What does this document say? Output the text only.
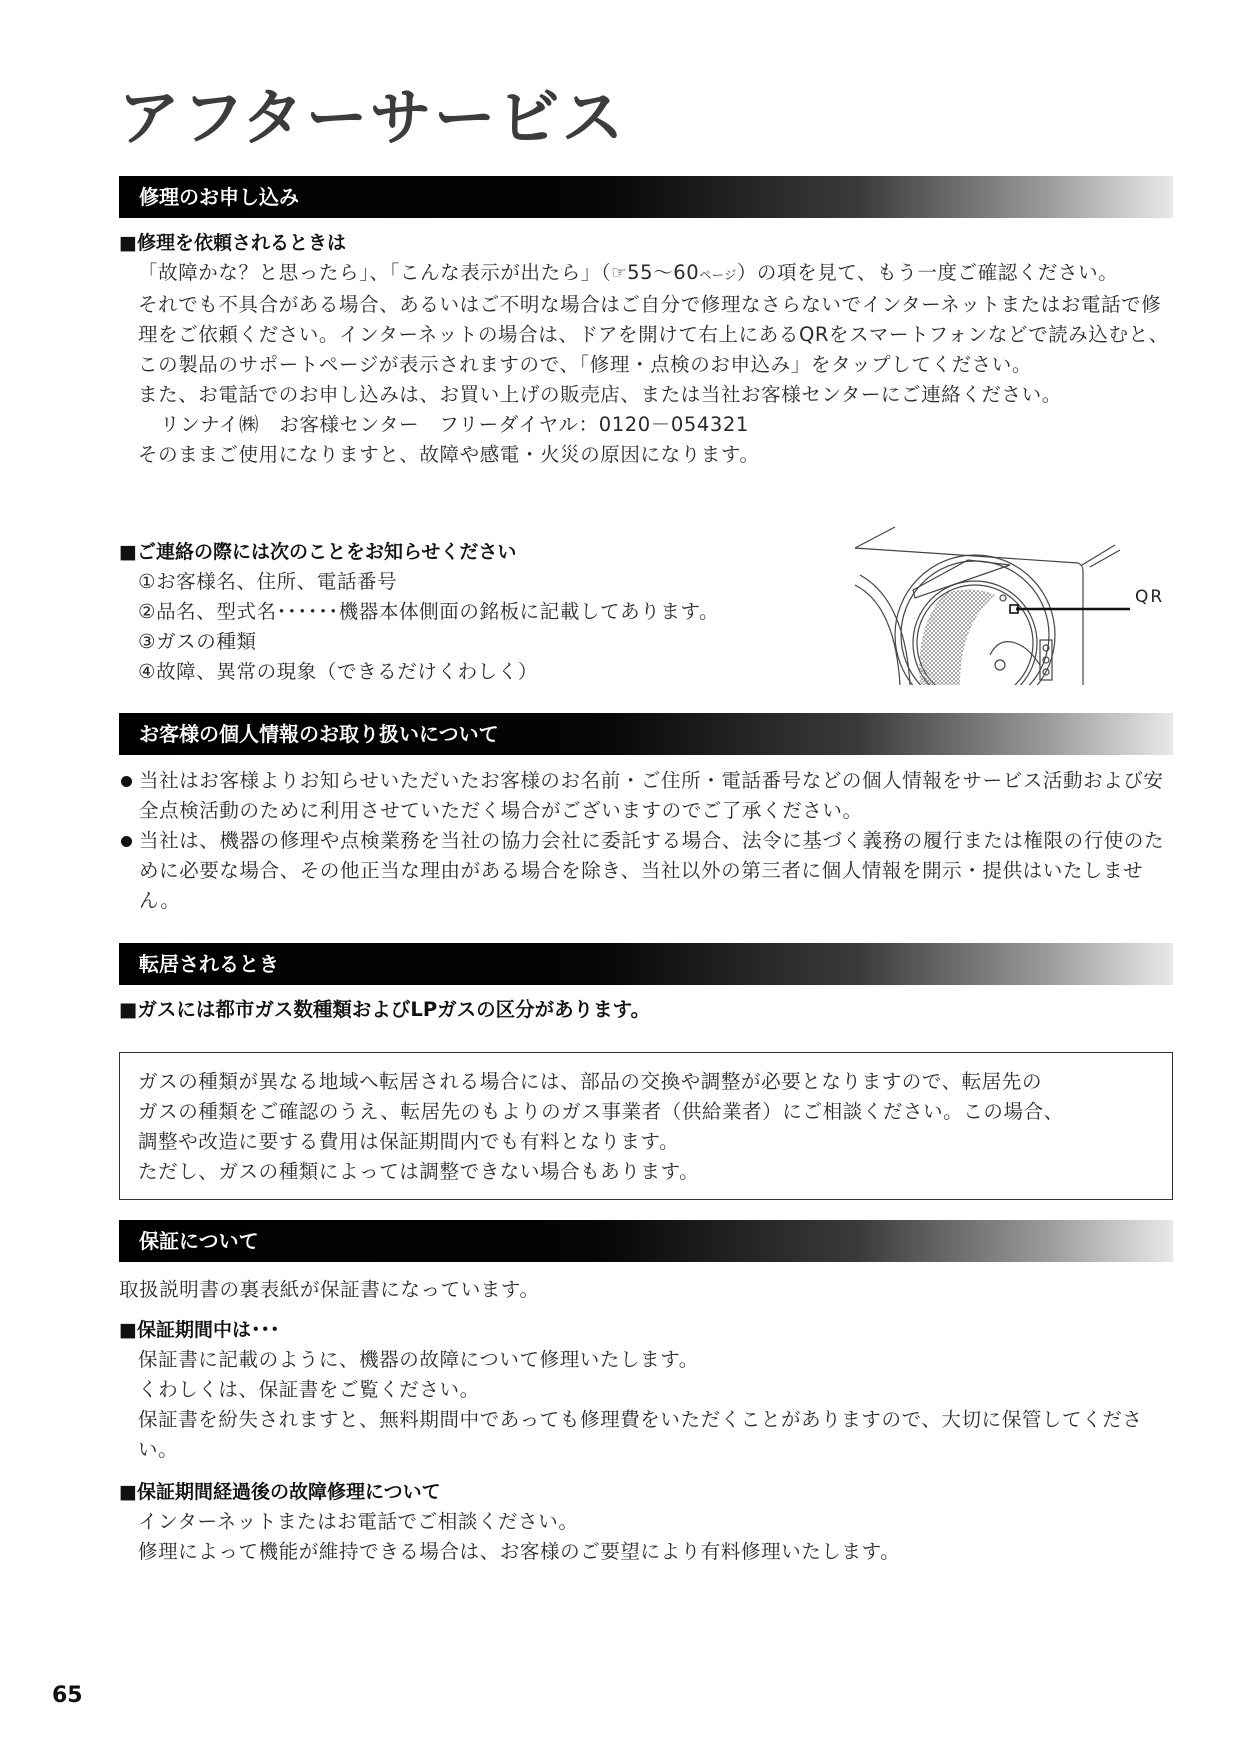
アフターサービス
修理のお申し込み
■修理を依頼されるときは

「故障かな？と思ったら」、「こんな表示が出たら」（☞55～60ページ）の項を見て、もう一度ご確認ください。

それでも不具合がある場合、あるいはご不明な場合はご自分で修理なさらないでインターネットまたはお電話で修理をご依頼ください。インターネットの場合は、ドアを開けて右上にあるQRをスマートフォンなどで読み込むと、この製品のサポートページが表示されますので、「修理・点検のお申込み」をタップしてください。

また、お電話でのお申し込みは、お買い上げの販売店、または当社お客様センターにご連絡ください。

リンナイ㈱　お客様センター　フリーダイヤル：0120－054321

そのままご使用になりますと、故障や感電・火災の原因になります。

■ご連絡の際には次のことをお知らせください

①お客様名、住所、電話番号

②品名、型式名･･････機器本体側面の銘板に記載してあります。

③ガスの種類

④故障、異常の現象（できるだけくわしく）

QR
お客様の個人情報のお取り扱いについて

当社はお客様よりお知らせいただいたお客様のお名前・ご住所・電話番号などの個人情報をサービス活動および安全点検活動のために利用させていただく場合がございますのでご了承ください。

当社は、機器の修理や点検業務を当社の協力会社に委託する場合、法令に基づく義務の履行または権限の行使のために必要な場合、その他正当な理由がある場合を除き、当社以外の第三者に個人情報を開示・提供はいたしません。

転居されるとき
■ガスには都市ガス数種類およびLPガスの区分があります。

ガスの種類が異なる地域へ転居される場合には、部品の交換や調整が必要となりますので、転居先の

ガスの種類をご確認のうえ、転居先のもよりのガス事業者（供給業者）にご相談ください。この場合、

調整や改造に要する費用は保証期間内でも有料となります。

ただし、ガスの種類によっては調整できない場合もあります。

保証について
取扱説明書の裏表紙が保証書になっています。
■保証期間中は･･･

保証書に記載のように、機器の故障について修理いたします。

くわしくは、保証書をご覧ください。

保証書を紛失されますと、無料期間中であっても修理費をいただくことがありますので、大切に保管してください。

■保証期間経過後の故障修理について

インターネットまたはお電話でご相談ください。

修理によって機能が維持できる場合は、お客様のご要望により有料修理いたします。

65
